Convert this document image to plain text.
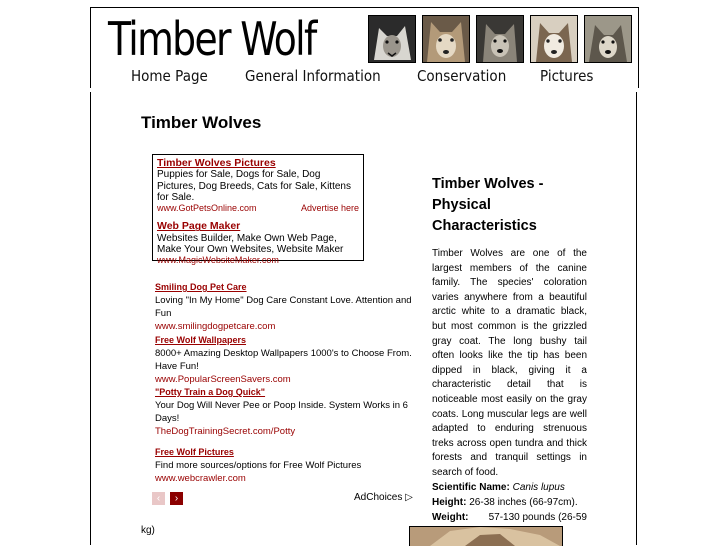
Timber Wolf
Home Page General Information Conservation Pictures
Timber Wolves
Timber Wolves Pictures
Puppies for Sale, Dogs for Sale, Dog Pictures, Dog Breeds, Cats for Sale, Kittens for Sale.
www.GotPetsOnline.com	Advertise here
Web Page Maker
Websites Builder, Make Own Web Page, Make Your Own Websites, Website Maker
www.MagicWebsiteMaker.com
Smiling Dog Pet Care
Loving "In My Home" Dog Care Constant Love. Attention and Fun
www.smilingdogpetcare.com
Free Wolf Wallpapers
8000+ Amazing Desktop Wallpapers 1000's to Choose From. Have Fun!
www.PopularScreenSavers.com
"Potty Train a Dog Quick"
Your Dog Will Never Pee or Poop Inside. System Works in 6 Days!
TheDogTrainingSecret.com/Potty
Free Wolf Pictures
Find more sources/options for Free Wolf Pictures
www.webcrawler.com
‹	›	AdChoices ▷
Timber Wolves - Physical Characteristics
Timber Wolves are one of the largest members of the canine family. The species' coloration varies anywhere from a beautiful arctic white to a dramatic black, but most common is the grizzled gray coat. The long bushy tail often looks like the tip has been dipped in black, giving it a characteristic detail that is noticeable most easily on the gray coats. Long muscular legs are well adapted to enduring strenuous treks across open tundra and thick forests and tranquil settings in search of food.
Scientific Name: Canis lupus
Height: 26-38 inches (66-97cm).
Weight: 57-130 pounds (26-59
kg)
